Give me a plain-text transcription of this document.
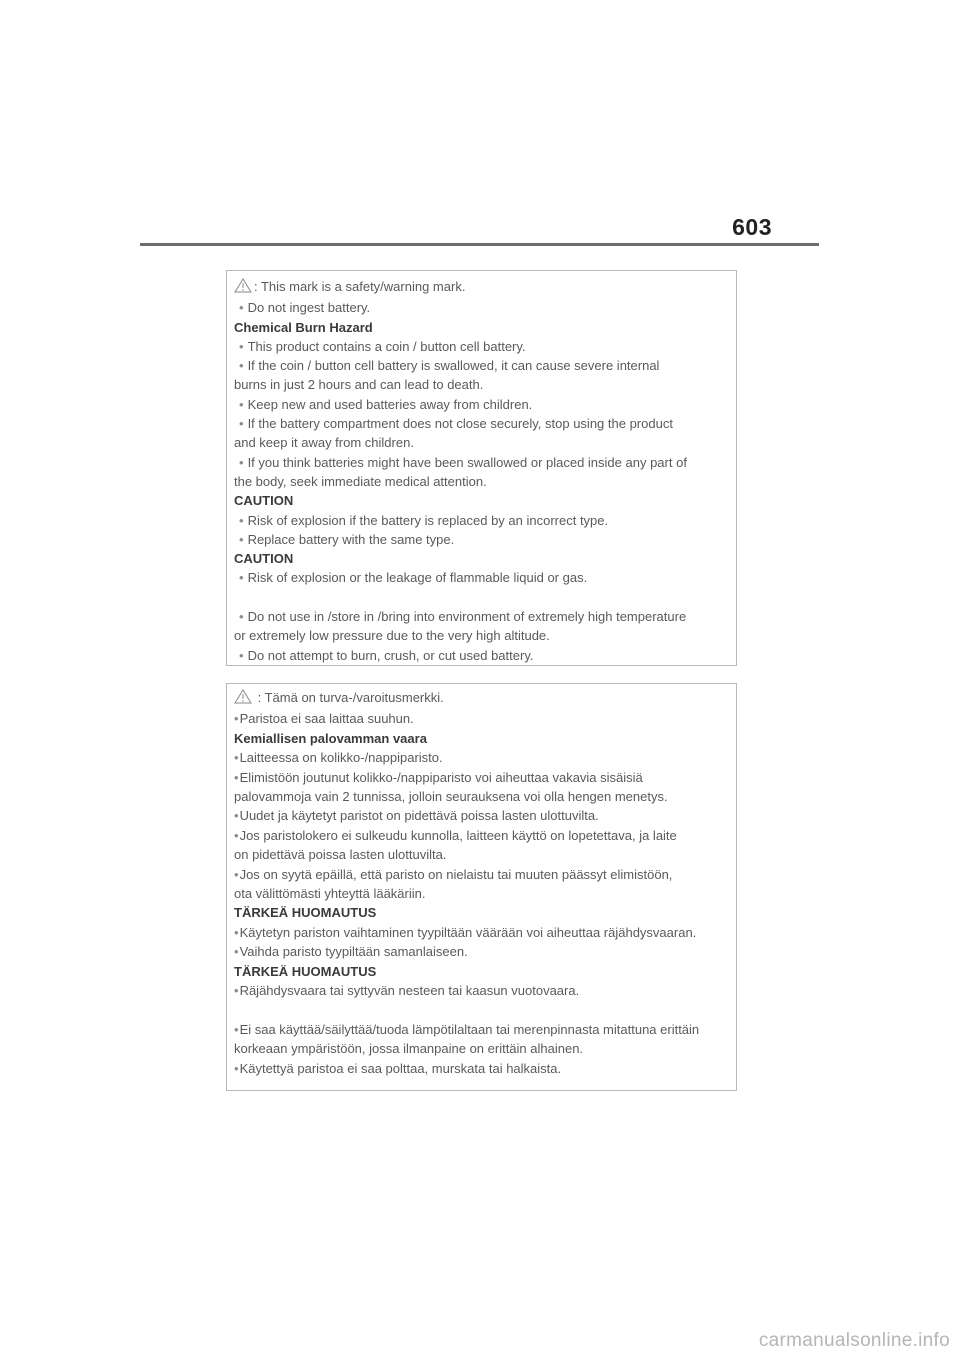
603
: This mark is a safety/warning mark.
• Do not ingest battery.
Chemical Burn Hazard
• This product contains a coin / button cell battery.
• If the coin / button cell battery is swallowed, it can cause severe internal
burns in just 2 hours and can lead to death.
• Keep new and used batteries away from children.
• If the battery compartment does not close securely, stop using the product
and keep it away from children.
• If you think batteries might have been swallowed or placed inside any part of
the body, seek immediate medical attention.
CAUTION
• Risk of explosion if the battery is replaced by an incorrect type.
• Replace battery with the same type.
CAUTION
• Risk of explosion or the leakage of flammable liquid or gas.
• Do not use in /store in /bring into environment of extremely high temperature
or extremely low pressure due to the very high altitude.
• Do not attempt to burn, crush, or cut used battery.
: Tämä on turva-/varoitusmerkki.
•Paristoa ei saa laittaa suuhun.
Kemiallisen palovamman vaara
•Laitteessa on kolikko-/nappiparisto.
•Elimistöön joutunut kolikko-/nappiparisto voi aiheuttaa vakavia sisäisiä
palovammoja vain 2 tunnissa, jolloin seurauksena voi olla hengen menetys.
•Uudet ja käytetyt paristot on pidettävä poissa lasten ulottuvilta.
•Jos paristolokero ei sulkeudu kunnolla, laitteen käyttö on lopetettava, ja laite
on pidettävä poissa lasten ulottuvilta.
•Jos on syytä epäillä, että paristo on nielaistu tai muuten päässyt elimistöön,
ota välittömästi yhteyttä lääkäriin.
TÄRKEÄ HUOMAUTUS
•Käytetyn pariston vaihtaminen tyypiltään väärään voi aiheuttaa räjähdysvaaran.
•Vaihda paristo tyypiltään samanlaiseen.
TÄRKEÄ HUOMAUTUS
•Räjähdysvaara tai syttyvän nesteen tai kaasun vuotovaara.
•Ei saa käyttää/säilyttää/tuoda lämpötilaltaan tai merenpinnasta mitattuna erittäin
korkeaan ympäristöön, jossa ilmanpaine on erittäin alhainen.
•Käytettyä paristoa ei saa polttaa, murskata tai halkaista.
carmanualsonline.info
